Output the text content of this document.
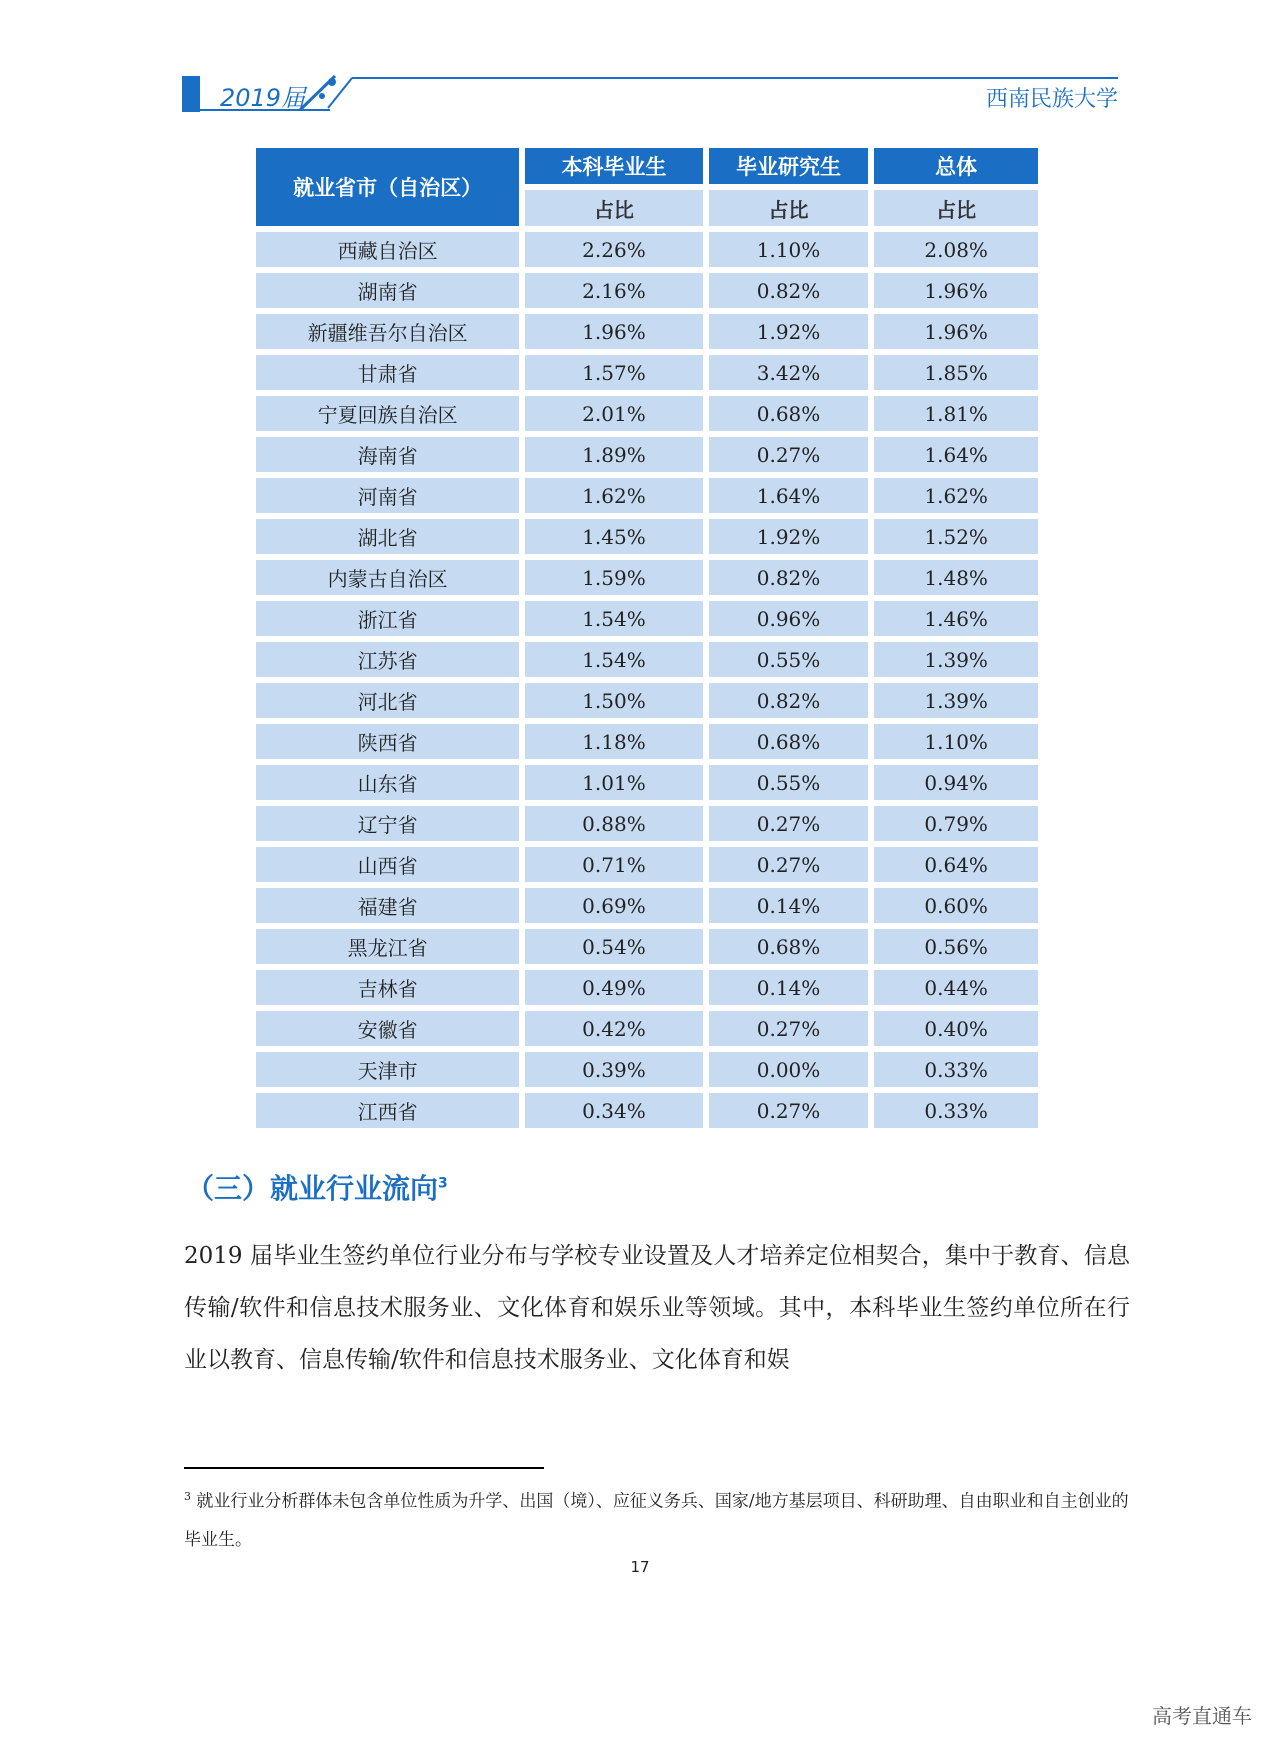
2019届	西南民族大学
就业省市（自治区）	本科毕业生	毕业研究生	总体
	占比	占比	占比
西藏自治区	2.26%	1.10%	2.08%
湖南省	2.16%	0.82%	1.96%
新疆维吾尔自治区	1.96%	1.92%	1.96%
甘肃省	1.57%	3.42%	1.85%
宁夏回族自治区	2.01%	0.68%	1.81%
海南省	1.89%	0.27%	1.64%
河南省	1.62%	1.64%	1.62%
湖北省	1.45%	1.92%	1.52%
内蒙古自治区	1.59%	0.82%	1.48%
浙江省	1.54%	0.96%	1.46%
江苏省	1.54%	0.55%	1.39%
河北省	1.50%	0.82%	1.39%
陕西省	1.18%	0.68%	1.10%
山东省	1.01%	0.55%	0.94%
辽宁省	0.88%	0.27%	0.79%
山西省	0.71%	0.27%	0.64%
福建省	0.69%	0.14%	0.60%
黑龙江省	0.54%	0.68%	0.56%
吉林省	0.49%	0.14%	0.44%
安徽省	0.42%	0.27%	0.40%
天津市	0.39%	0.00%	0.33%
江西省	0.34%	0.27%	0.33%
（三）就业行业流向$^3$
2019 届毕业生签约单位行业分布与学校专业设置及人才培养定位相契合，集中于教育、信息传输/软件和信息技术服务业、文化体育和娱乐业等领域。其中，本科毕业生签约单位所在行业以教育、信息传输/软件和信息技术服务业、文化体育和娱
$^3$ 就业行业分析群体未包含单位性质为升学、出国（境）、应征义务兵、国家/地方基层项目、科研助理、自由职业和自主创业的毕业生。
17
高考直通车
